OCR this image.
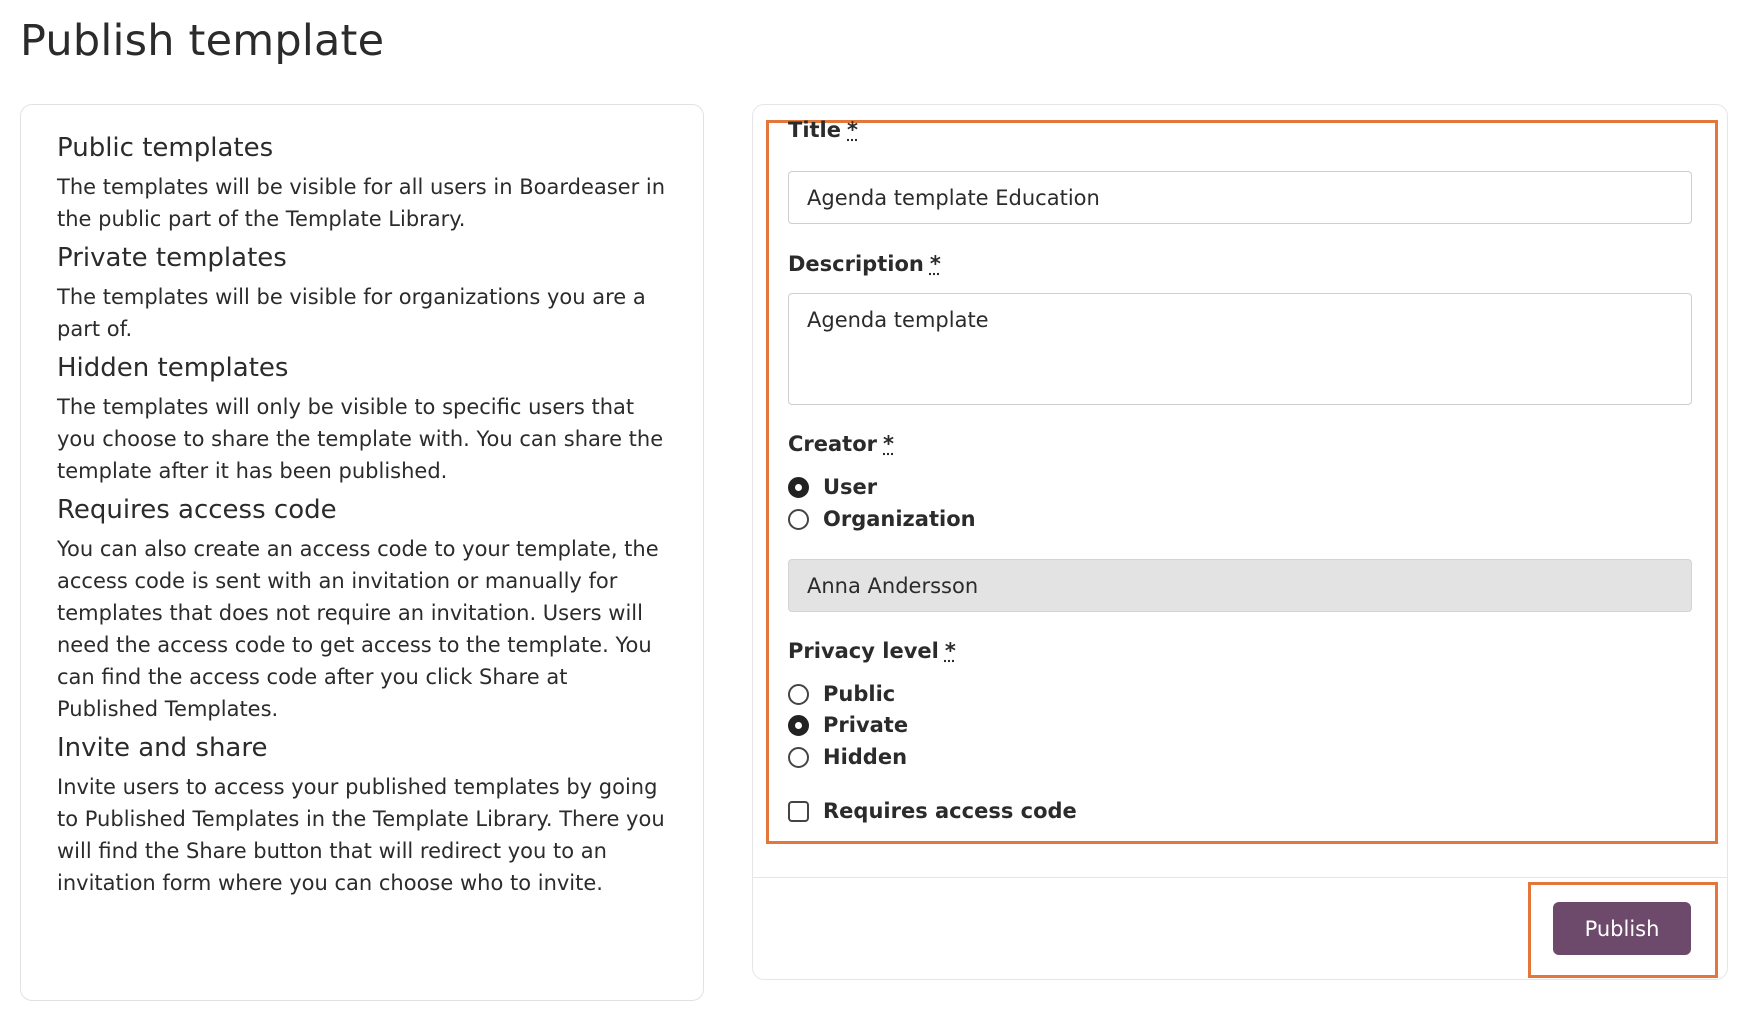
Publish template
Public templates

The templates will be visible for all users in Boardeaser in the public part of the Template Library.

Private templates

The templates will be visible for organizations you are a part of.

Hidden templates

The templates will only be visible to specific users that you choose to share the template with. You can share the template after it has been published.

Requires access code

You can also create an access code to your template, the access code is sent with an invitation or manually for templates that does not require an invitation. Users will need the access code to get access to the template. You can find the access code after you click Share at Published Templates.

Invite and share

Invite users to access your published templates by going to Published Templates in the Template Library. There you will find the Share button that will redirect you to an invitation form where you can choose who to invite.

Title *
Agenda template Education
Description *
Agenda template
Creator *
User
Organization
Anna Andersson
Privacy level *
Public
Private
Hidden
Requires access code
Publish
